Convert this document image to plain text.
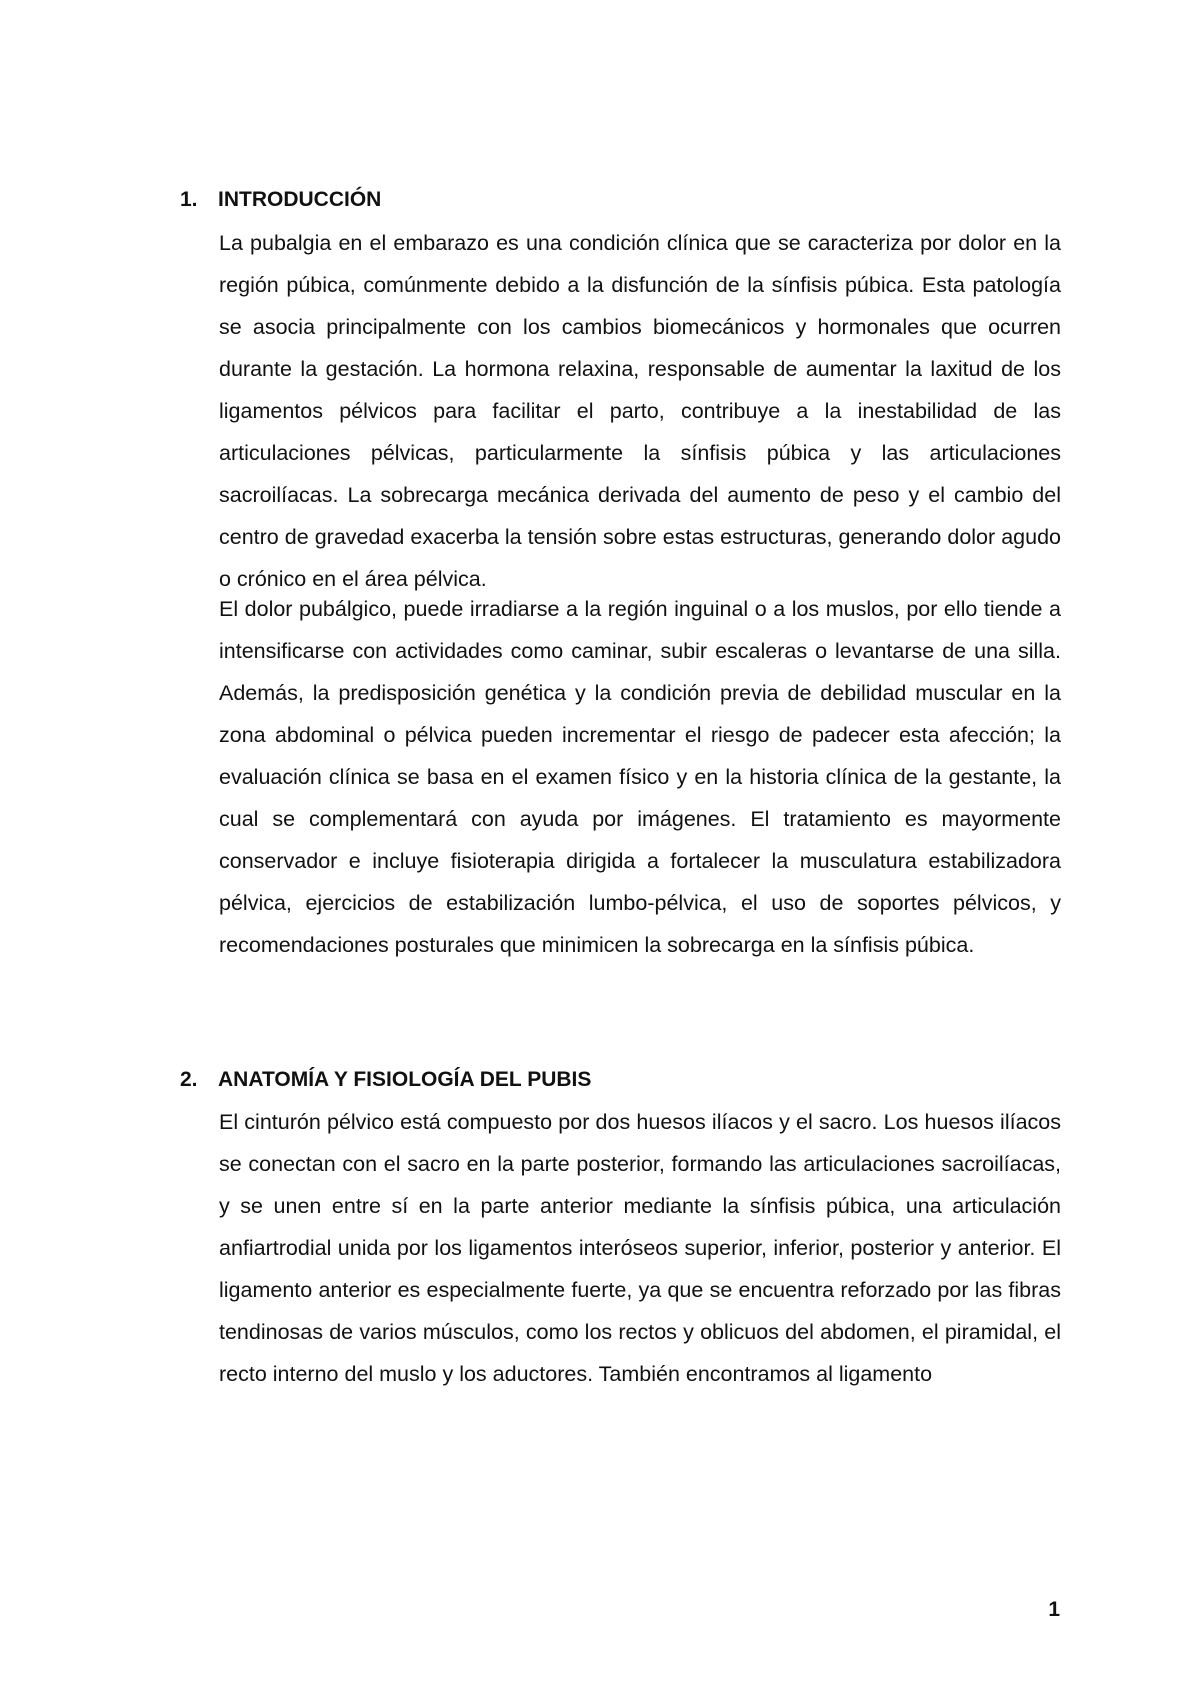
1. INTRODUCCIÓN

La pubalgia en el embarazo es una condición clínica que se caracteriza por dolor en la región púbica, comúnmente debido a la disfunción de la sínfisis púbica. Esta patología se asocia principalmente con los cambios biomecánicos y hormonales que ocurren durante la gestación. La hormona relaxina, responsable de aumentar la laxitud de los ligamentos pélvicos para facilitar el parto, contribuye a la inestabilidad de las articulaciones pélvicas, particularmente la sínfisis púbica y las articulaciones sacroilíacas. La sobrecarga mecánica derivada del aumento de peso y el cambio del centro de gravedad exacerba la tensión sobre estas estructuras, generando dolor agudo o crónico en el área pélvica.

El dolor pubálgico, puede irradiarse a la región inguinal o a los muslos, por ello tiende a intensificarse con actividades como caminar, subir escaleras o levantarse de una silla. Además, la predisposición genética y la condición previa de debilidad muscular en la zona abdominal o pélvica pueden incrementar el riesgo de padecer esta afección; la evaluación clínica se basa en el examen físico y en la historia clínica de la gestante, la cual se complementará con ayuda por imágenes. El tratamiento es mayormente conservador e incluye fisioterapia dirigida a fortalecer la musculatura estabilizadora pélvica, ejercicios de estabilización lumbo-pélvica, el uso de soportes pélvicos, y recomendaciones posturales que minimicen la sobrecarga en la sínfisis púbica.

2. ANATOMÍA Y FISIOLOGÍA DEL PUBIS

El cinturón pélvico está compuesto por dos huesos ilíacos y el sacro. Los huesos ilíacos se conectan con el sacro en la parte posterior, formando las articulaciones sacroilíacas, y se unen entre sí en la parte anterior mediante la sínfisis púbica, una articulación anfiartrodial unida por los ligamentos interóseos superior, inferior, posterior y anterior. El ligamento anterior es especialmente fuerte, ya que se encuentra reforzado por las fibras tendinosas de varios músculos, como los rectos y oblicuos del abdomen, el piramidal, el recto interno del muslo y los aductores. También encontramos al ligamento

1
